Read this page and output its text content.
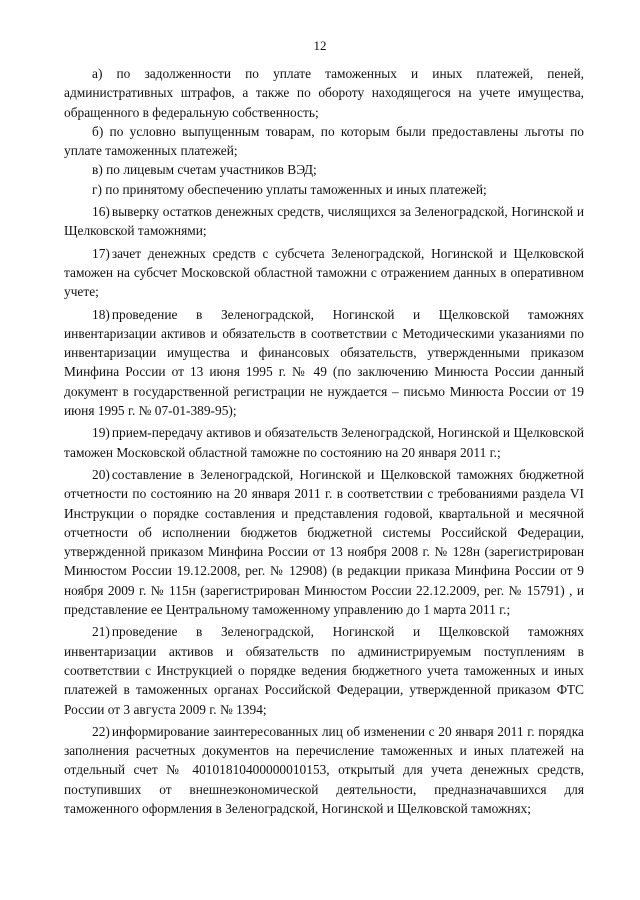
12

а) по задолженности по уплате таможенных и иных платежей, пеней, административных штрафов, а также по обороту находящегося на учете имущества, обращенного в федеральную собственность;

б) по условно выпущенным товарам, по которым были предоставлены льготы по уплате таможенных платежей;

в) по лицевым счетам участников ВЭД;

г) по принятому обеспечению уплаты таможенных и иных платежей;

16) выверку остатков денежных средств, числящихся за Зеленоградской, Ногинской и Щелковской таможнями;

17) зачет денежных средств с субсчета Зеленоградской, Ногинской и Щелковской таможен на субсчет Московской областной таможни с отражением данных в оперативном учете;

18) проведение в Зеленоградской, Ногинской и Щелковской таможнях инвентаризации активов и обязательств в соответствии с Методическими указаниями по инвентаризации имущества и финансовых обязательств, утвержденными приказом Минфина России от 13 июня 1995 г. № 49 (по заключению Минюста России данный документ в государственной регистрации не нуждается – письмо Минюста России от 19 июня 1995 г. № 07-01-389-95);

19) прием-передачу активов и обязательств Зеленоградской, Ногинской и Щелковской таможен Московской областной таможне по состоянию на 20 января 2011 г.;

20) составление в Зеленоградской, Ногинской и Щелковской таможнях бюджетной отчетности по состоянию на 20 января 2011 г. в соответствии с требованиями раздела VI Инструкции о порядке составления и представления годовой, квартальной и месячной отчетности об исполнении бюджетов бюджетной системы Российской Федерации, утвержденной приказом Минфина России от 13 ноября 2008 г. № 128н (зарегистрирован Минюстом России 19.12.2008, рег. № 12908) (в редакции приказа Минфина России от 9 ноября 2009 г. № 115н (зарегистрирован Минюстом России 22.12.2009, рег. № 15791) , и представление ее Центральному таможенному управлению до 1 марта 2011 г.;

21) проведение в Зеленоградской, Ногинской и Щелковской таможнях инвентаризации активов и обязательств по администрируемым поступлениям в соответствии с Инструкцией о порядке ведения бюджетного учета таможенных и иных платежей в таможенных органах Российской Федерации, утвержденной приказом ФТС России от 3 августа 2009 г. № 1394;

22) информирование заинтересованных лиц об изменении с 20 января 2011 г. порядка заполнения расчетных документов на перечисление таможенных и иных платежей на отдельный счет № 40101810400000010153, открытый для учета денежных средств, поступивших от внешнеэкономической деятельности, предназначавшихся для таможенного оформления в Зеленоградской, Ногинской и Щелковской таможнях;
